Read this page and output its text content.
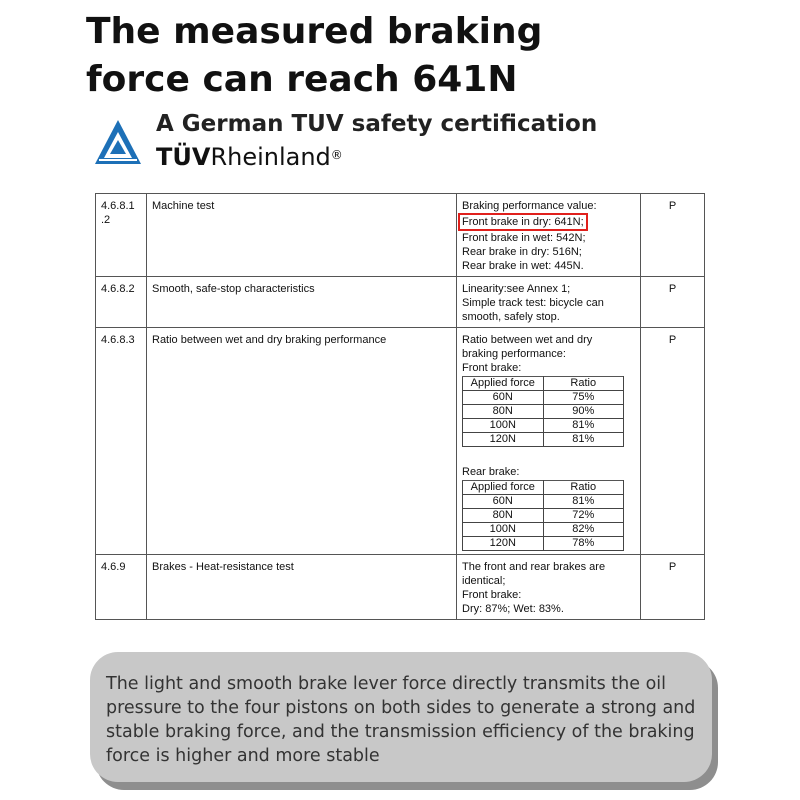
The measured braking
force can reach 641N
A German TUV safety certification
TÜVRheinland®
4.6.8.1
.2
	Machine test	Braking performance value:
Front brake in dry: 641N;
Front brake in wet: 542N;
Rear brake in dry: 516N;
Rear brake in wet: 445N.
	P
4.6.8.2	Smooth, safe-stop characteristics	Linearity:see Annex 1;
Simple track test: bicycle can
smooth, safely stop.
	P
4.6.8.3	Ratio between wet and dry braking performance	Ratio between wet and dry
braking performance:
Front brake:
Applied force	Ratio
60N	75%
80N	90%
100N	81%
120N	81%
Rear brake:
Applied force	Ratio
60N	81%
80N	72%
100N	82%
120N	78%
	P
4.6.9	Brakes - Heat-resistance test	The front and rear brakes are
identical;
Front brake:
Dry: 87%; Wet: 83%.
	P
The light and smooth brake lever force directly transmits the oil pressure to the four pistons on both sides to generate a strong and stable braking force, and the transmission efficiency of the braking force is higher and more stable
